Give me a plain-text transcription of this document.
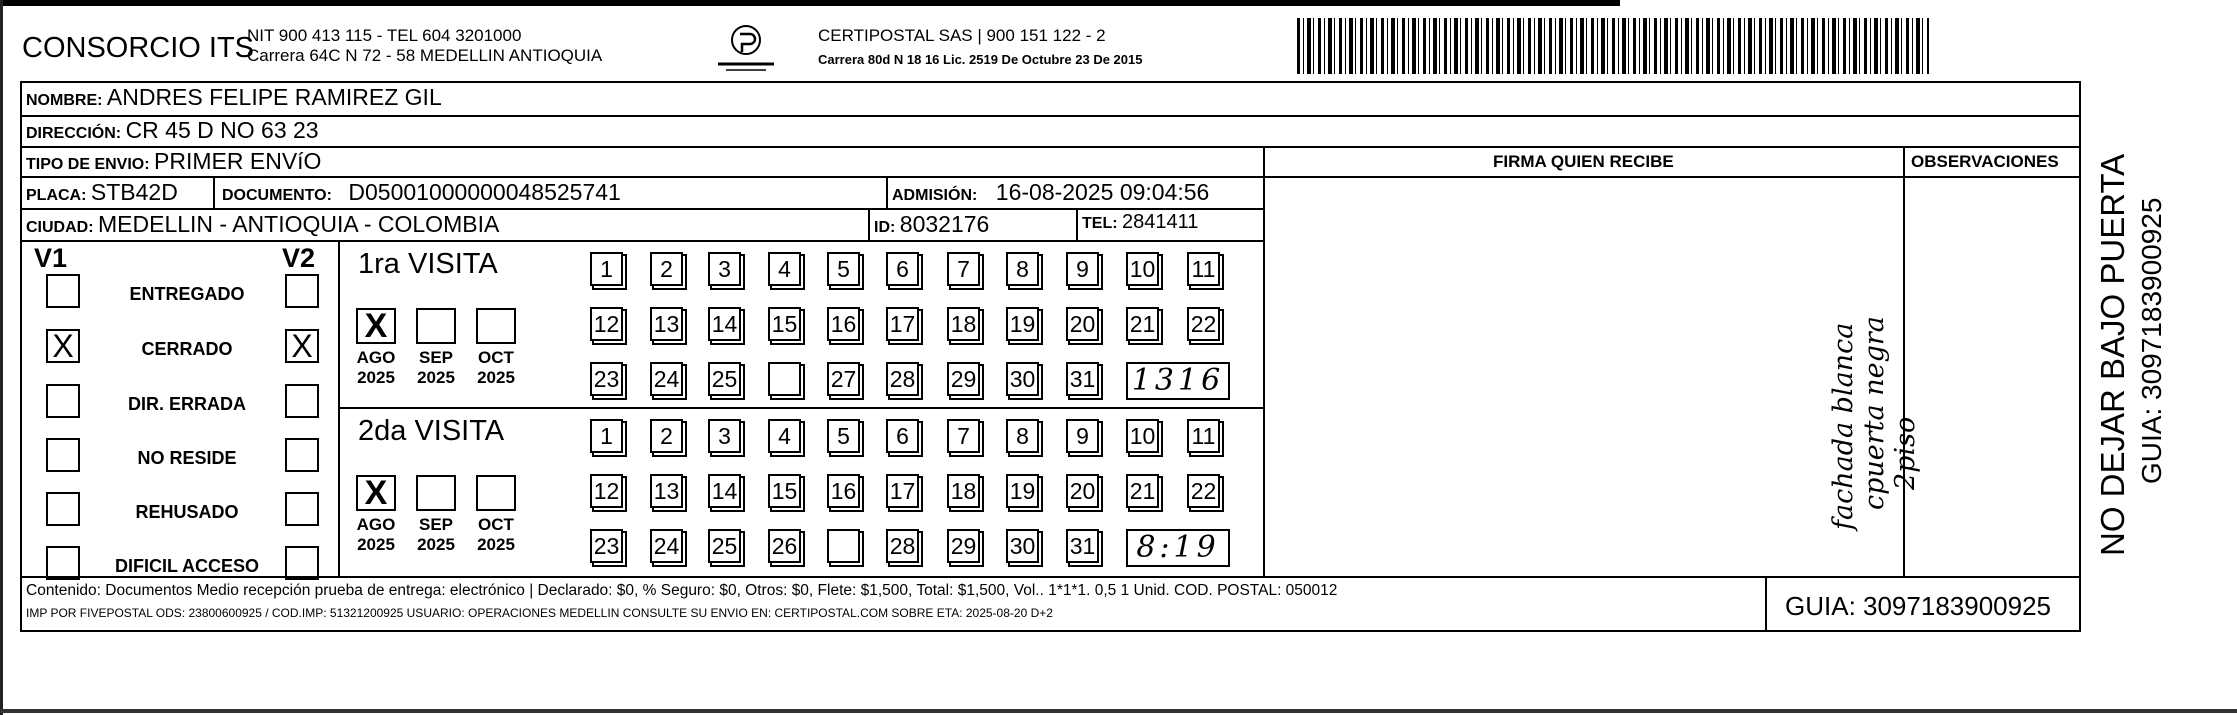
CONSORCIO ITS
NIT 900 413 115 - TEL 604 3201000
Carrera 64C N 72 - 58 MEDELLIN ANTIOQUIA
CERTIPOSTAL SAS | 900 151 122 - 2
Carrera 80d N 18 16 Lic. 2519 De Octubre 23 De 2015
NOMBRE: ANDRES FELIPE RAMIREZ GIL
DIRECCIÓN: CR 45 D NO 63 23
TIPO DE ENVIO: PRIMER ENVíO	FIRMA QUIEN RECIBE	OBSERVACIONES
PLACA: STB42D	DOCUMENTO: D05001000000048525741	ADMISIÓN: 16-08-2025 09:04:56
CIUDAD: MEDELLIN - ANTIOQUIA - COLOMBIA	ID: 8032176	TEL: 2841411
V1	V2
ENTREGADO
X	CERRADO	X
DIR. ERRADA
NO RESIDE
REHUSADO
DIFICIL ACCESO
1ra VISITA
X
AGO
2025
SEP
2025
OCT
2025
1	2	3	4	5	6	7	8	9	10 11
12 13 14 15 16 17 18 19 20 21 22
23 24 25	27 28 29 30 31 1316
2da VISITA
X
AGO
2025
SEP
2025
OCT
2025
1	2	3	4	5	6	7	8	9	10 11
12 13 14 15 16 17 18 19 20 21 22
23 24 25 26	28 29 30 31	8:19
fachada blanca cpuerta negra 2piso
Contenido: Documentos Medio recepción prueba de entrega: electrónico | Declarado: $0, % Seguro: $0, Otros: $0, Flete: $1,500, Total: $1,500, Vol.. 1*1*1. 0,5 1 Unid. COD. POSTAL: 050012
IMP POR FIVEPOSTAL ODS: 23800600925 / COD.IMP: 51321200925 USUARIO: OPERACIONES MEDELLIN CONSULTE SU ENVIO EN: CERTIPOSTAL.COM SOBRE ETA: 2025-08-20 D+2	GUIA: 3097183900925
NO DEJAR BAJO PUERTA GUIA: 3097183900925
